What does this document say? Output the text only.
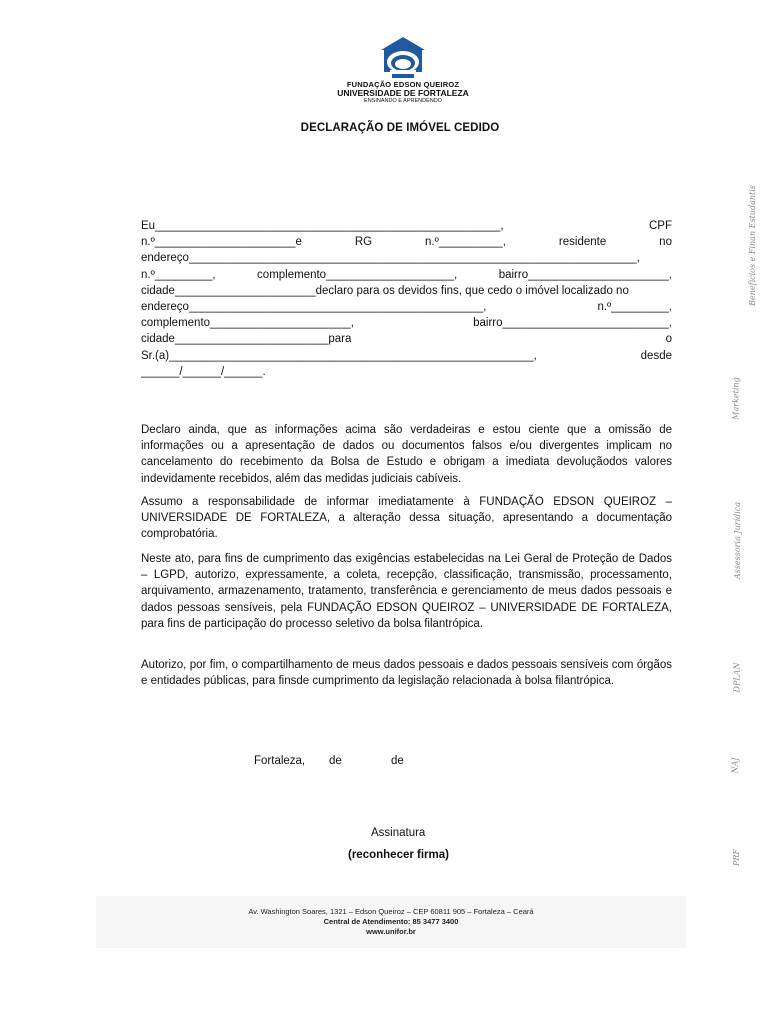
FUNDAÇÃO EDSON QUEIROZ
UNIVERSIDADE DE FORTALEZA
ENSINANDO E APRENDENDO
DECLARAÇÃO DE IMÓVEL CEDIDO
Eu______________________________________________________,	CPF
n.º______________________e	RG	n.º__________,	residente	no
endereço______________________________________________________________________,
n.º_________,	complemento____________________,	bairro______________________,
cidade______________________declaro para os devidos fins, que cedo o imóvel localizado no
endereço______________________________________________,	n.º_________,
complemento______________________,	bairro__________________________,
cidade________________________para	o
Sr.(a)_________________________________________________________,	desde
______/______/______.
Declaro ainda, que as informações acima são verdadeiras e estou ciente que a omissão de informações ou a apresentação de dados ou documentos falsos e/ou divergentes implicam no cancelamento do recebimento da Bolsa de Estudo e obrigam a imediata devoluçãodos valores indevidamente recebidos, além das medidas judiciais cabíveis.
Assumo a responsabilidade de informar imediatamente à FUNDAÇÃO EDSON QUEIROZ – UNIVERSIDADE DE FORTALEZA, a alteração dessa situação, apresentando a documentação comprobatória.
Neste ato, para fins de cumprimento das exigências estabelecidas na Lei Geral de Proteção de Dados – LGPD, autorizo, expressamente, a coleta, recepção, classificação, transmissão, processamento, arquivamento, armazenamento, tratamento, transferência e gerenciamento de meus dados pessoais e dados pessoas sensíveis, pela FUNDAÇÃO EDSON QUEIROZ – UNIVERSIDADE DE FORTALEZA, para fins de participação do processo seletivo da bolsa filantrópica.
Autorizo, por fim, o compartilhamento de meus dados pessoais e dados pessoais sensíveis com órgãos e entidades públicas, para finsde cumprimento da legislação relacionada à bolsa filantrópica.
Fortaleza, de	de
Assinatura
(reconhecer firma)
Av. Washington Soares, 1321 – Edson Queiroz – CEP 60811 905 – Fortaleza – Ceará
Central de Atendimento: 85 3477 3400
www.unifor.br
Benefícios e Finan Estudantis
Marketing
Assessoria Jurídica
DPLAN
NAJ
PRF
